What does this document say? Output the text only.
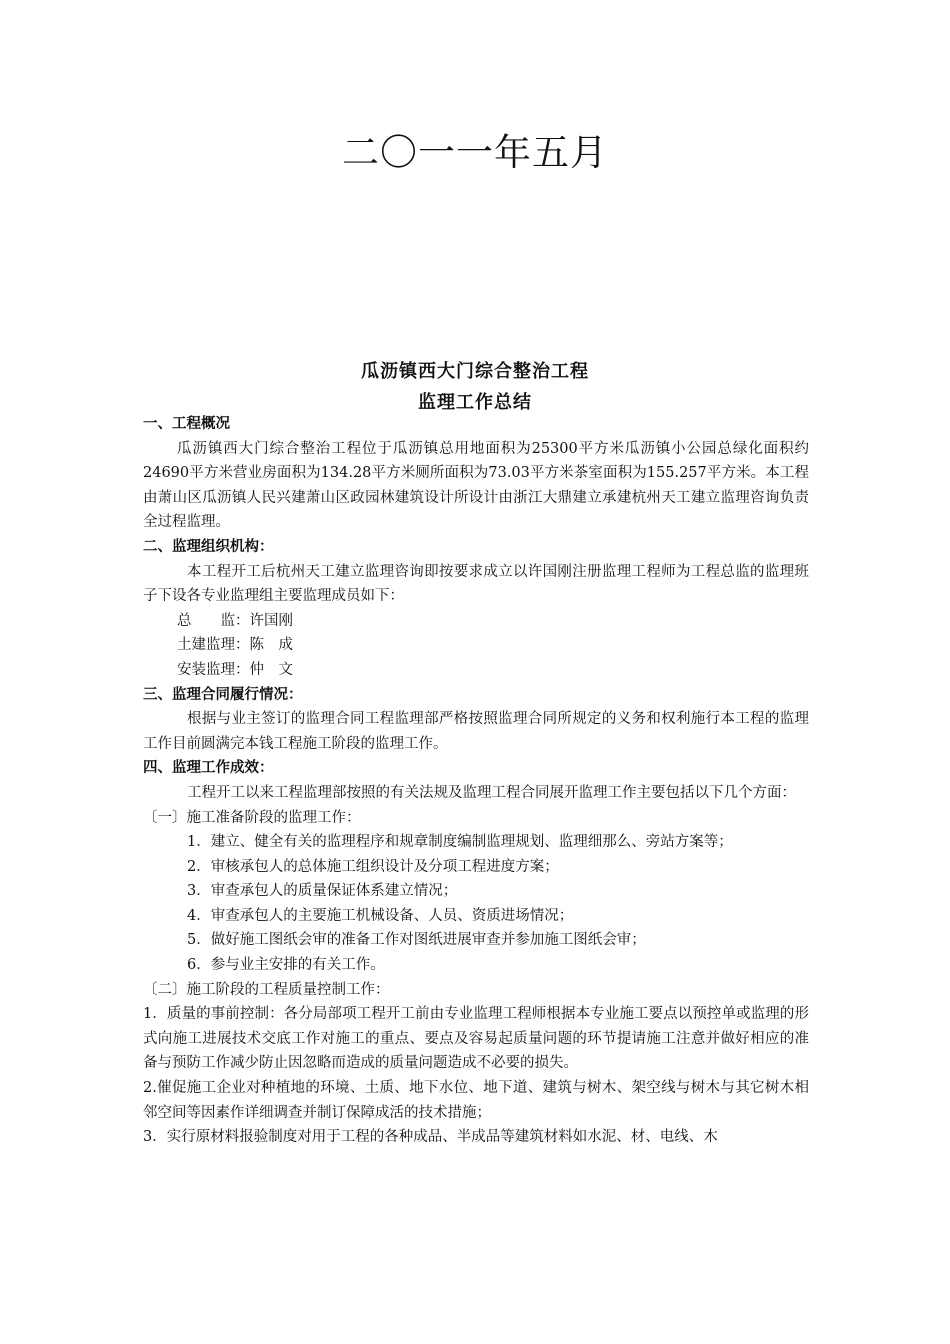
二〇一一年五月
瓜沥镇西大门综合整治工程
监理工作总结

一、工程概况

瓜沥镇西大门综合整治工程位于瓜沥镇总用地面积为25300平方米瓜沥镇小公园总绿化面积约24690平方米营业房面积为134.28平方米厕所面积为73.03平方米茶室面积为155.257平方米。本工程由萧山区瓜沥镇人民兴建萧山区政园林建筑设计所设计由浙江大鼎建立承建杭州天工建立监理咨询负责全过程监理。

二、监理组织机构：

本工程开工后杭州天工建立监理咨询即按要求成立以许国刚注册监理工程师为工程总监的监理班子下设各专业监理组主要监理成员如下：

总　　监：许国刚

土建监理：陈　成

安装监理：仲　文

三、监理合同履行情况：

根据与业主签订的监理合同工程监理部严格按照监理合同所规定的义务和权利施行本工程的监理工作目前圆满完本钱工程施工阶段的监理工作。

四、监理工作成效：

工程开工以来工程监理部按照的有关法规及监理工程合同展开监理工作主要包括以下几个方面：

〔一〕施工准备阶段的监理工作：

1．建立、健全有关的监理程序和规章制度编制监理规划、监理细那么、旁站方案等；

2．审核承包人的总体施工组织设计及分项工程进度方案；

3．审查承包人的质量保证体系建立情况；

4．审查承包人的主要施工机械设备、人员、资质进场情况；

5．做好施工图纸会审的准备工作对图纸进展审查并参加施工图纸会审；

6．参与业主安排的有关工作。

〔二〕施工阶段的工程质量控制工作：

1．质量的事前控制：各分局部项工程开工前由专业监理工程师根据本专业施工要点以预控单或监理的形式向施工进展技术交底工作对施工的重点、要点及容易起质量问题的环节提请施工注意并做好相应的准备与预防工作减少防止因忽略而造成的质量问题造成不必要的损失。

2.催促施工企业对种植地的环境、土质、地下水位、地下道、建筑与树木、架空线与树木与其它树木相邻空间等因素作详细调查并制订保障成活的技术措施；

3．实行原材料报验制度对用于工程的各种成品、半成品等建筑材料如水泥、材、电线、木
